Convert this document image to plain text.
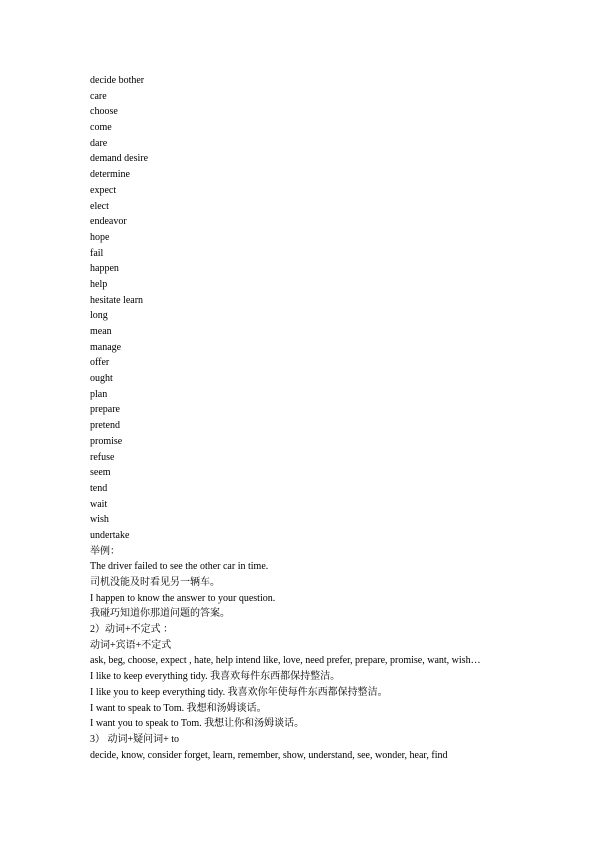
decide bother
care
choose
come
dare
demand desire
determine
expect
elect
endeavor
hope
fail
happen
help
hesitate learn
long
mean
manage
offer
ought
plan
prepare
pretend
promise
refuse
seem
tend
wait
wish
undertake
举例：
The driver failed to see the other car in time.
司机没能及时看见另一辆车。
I happen to know the answer to your question.
我碰巧知道你那道问题的答案。
2）动词+不定式 ：
动词+宾语+不定式
ask, beg, choose, expect , hate, help intend like, love, need prefer, prepare, promise, want, wish…
I like to keep everything tidy. 我喜欢每件东西都保持整洁。
I like you to keep everything tidy. 我喜欢你年使每件东西都保持整洁。
I want to speak to Tom. 我想和汤姆谈话。
I want you to speak to Tom. 我想让你和汤姆谈话。
3） 动词+疑问词+ to
decide, know, consider forget, learn, remember, show, understand, see, wonder, hear, find
